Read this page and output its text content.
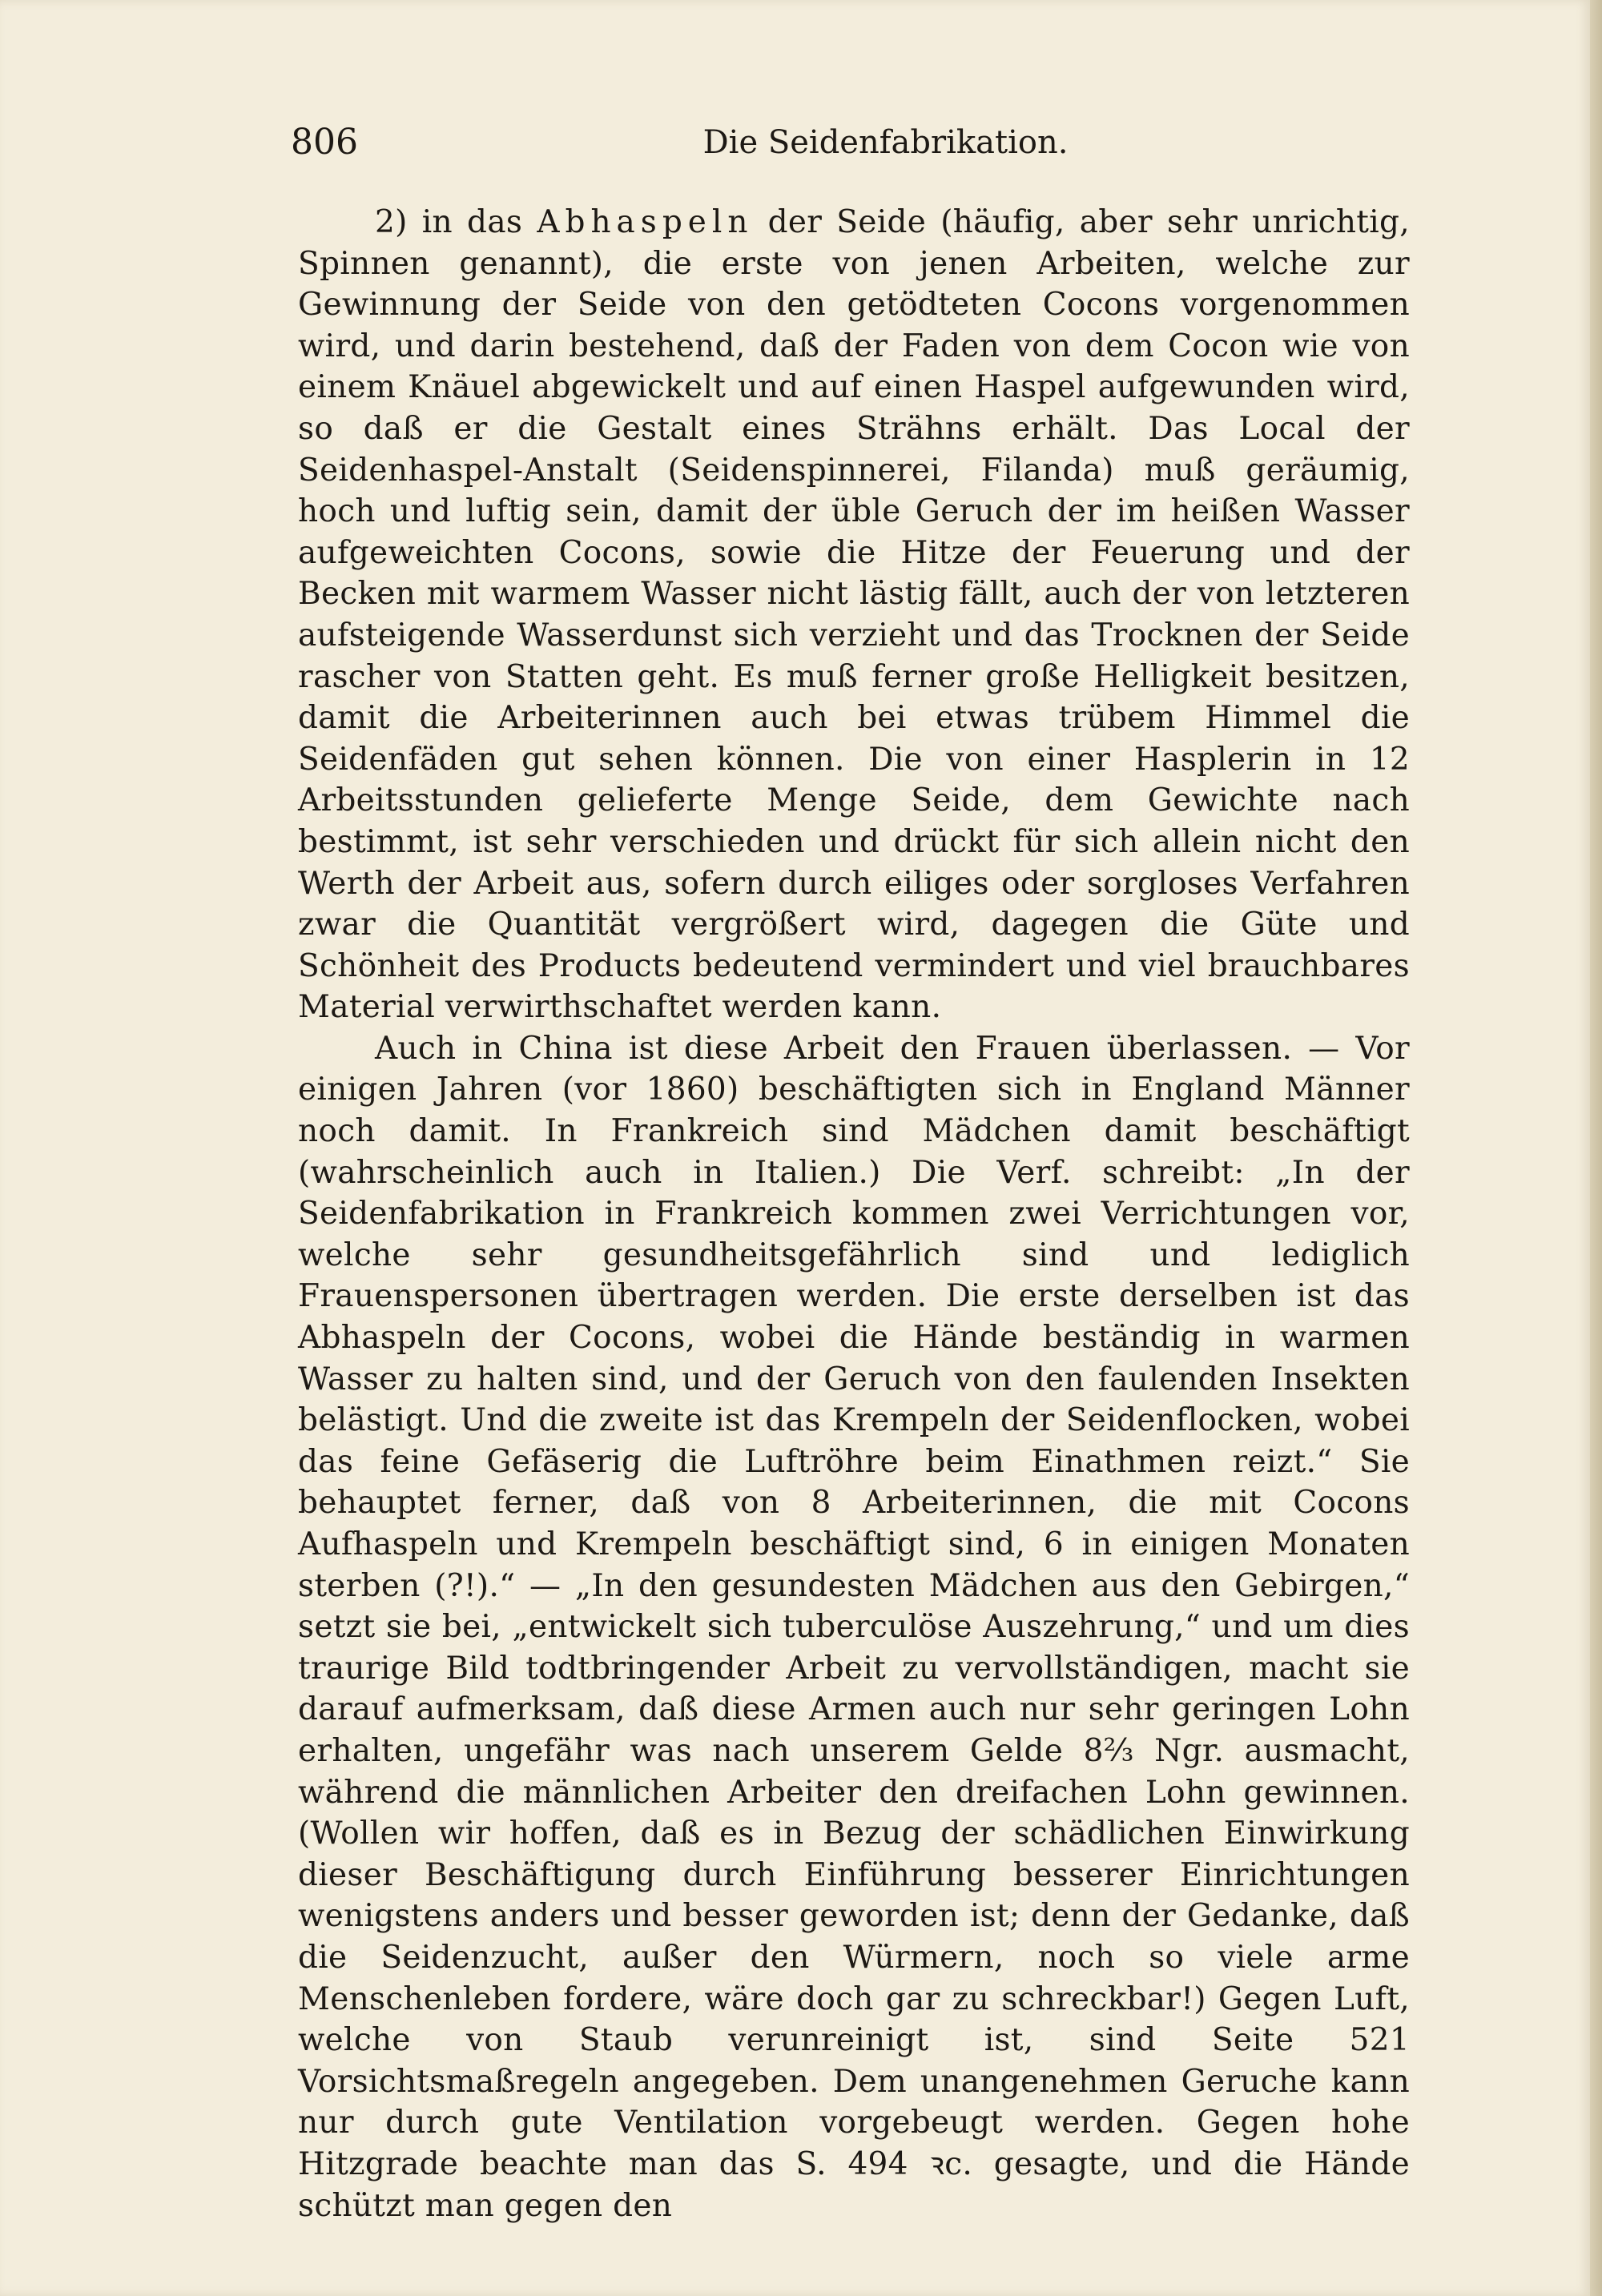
806	Die Seidenfabrikation.

2) in das Abhaspeln der Seide (häufig, aber sehr unrichtig, Spinnen genannt), die erste von jenen Arbeiten, welche zur Gewinnung der Seide von den getödteten Cocons vorgenommen wird, und darin bestehend, daß der Faden von dem Cocon wie von einem Knäuel abgewickelt und auf einen Haspel aufgewunden wird, so daß er die Gestalt eines Strähns erhält. Das Local der Seidenhaspel-Anstalt (Seidenspinnerei, Filanda) muß geräumig, hoch und luftig sein, damit der üble Geruch der im heißen Wasser aufgeweichten Cocons, sowie die Hitze der Feuerung und der Becken mit warmem Wasser nicht lästig fällt, auch der von letzteren aufsteigende Wasserdunst sich verzieht und das Trocknen der Seide rascher von Statten geht. Es muß ferner große Helligkeit besitzen, damit die Arbeiterinnen auch bei etwas trübem Himmel die Seidenfäden gut sehen können. Die von einer Hasplerin in 12 Arbeitsstunden gelieferte Menge Seide, dem Gewichte nach bestimmt, ist sehr verschieden und drückt für sich allein nicht den Werth der Arbeit aus, sofern durch eiliges oder sorgloses Verfahren zwar die Quantität vergrößert wird, dagegen die Güte und Schönheit des Products bedeutend vermindert und viel brauchbares Material verwirthschaftet werden kann.

Auch in China ist diese Arbeit den Frauen überlassen. — Vor einigen Jahren (vor 1860) beschäftigten sich in England Männer noch damit. In Frankreich sind Mädchen damit beschäftigt (wahrscheinlich auch in Italien.) Die Verf. schreibt: „In der Seidenfabrikation in Frankreich kommen zwei Verrichtungen vor, welche sehr gesundheitsgefährlich sind und lediglich Frauenspersonen übertragen werden. Die erste derselben ist das Abhaspeln der Cocons, wobei die Hände beständig in warmen Wasser zu halten sind, und der Geruch von den faulenden Insekten belästigt. Und die zweite ist das Krempeln der Seidenflocken, wobei das feine Gefäserig die Luftröhre beim Einathmen reizt.“ Sie behauptet ferner, daß von 8 Arbeiterinnen, die mit Cocons Aufhaspeln und Krempeln beschäftigt sind, 6 in einigen Monaten sterben (?!).“ — „In den gesundesten Mädchen aus den Gebirgen,“ setzt sie bei, „entwickelt sich tuberculöse Auszehrung,“ und um dies traurige Bild todtbringender Arbeit zu vervollständigen, macht sie darauf aufmerksam, daß diese Armen auch nur sehr geringen Lohn erhalten, ungefähr was nach unserem Gelde 8⅔ Ngr. ausmacht, während die männlichen Arbeiter den dreifachen Lohn gewinnen. (Wollen wir hoffen, daß es in Bezug der schädlichen Einwirkung dieser Beschäftigung durch Einführung besserer Einrichtungen wenigstens anders und besser geworden ist; denn der Gedanke, daß die Seidenzucht, außer den Würmern, noch so viele arme Menschenleben fordere, wäre doch gar zu schreckbar!) Gegen Luft, welche von Staub verunreinigt ist, sind Seite 521 Vorsichtsmaßregeln angegeben. Dem unangenehmen Geruche kann nur durch gute Ventilation vorgebeugt werden. Gegen hohe Hitzgrade beachte man das S. 494 ꝛc. gesagte, und die Hände schützt man gegen den
